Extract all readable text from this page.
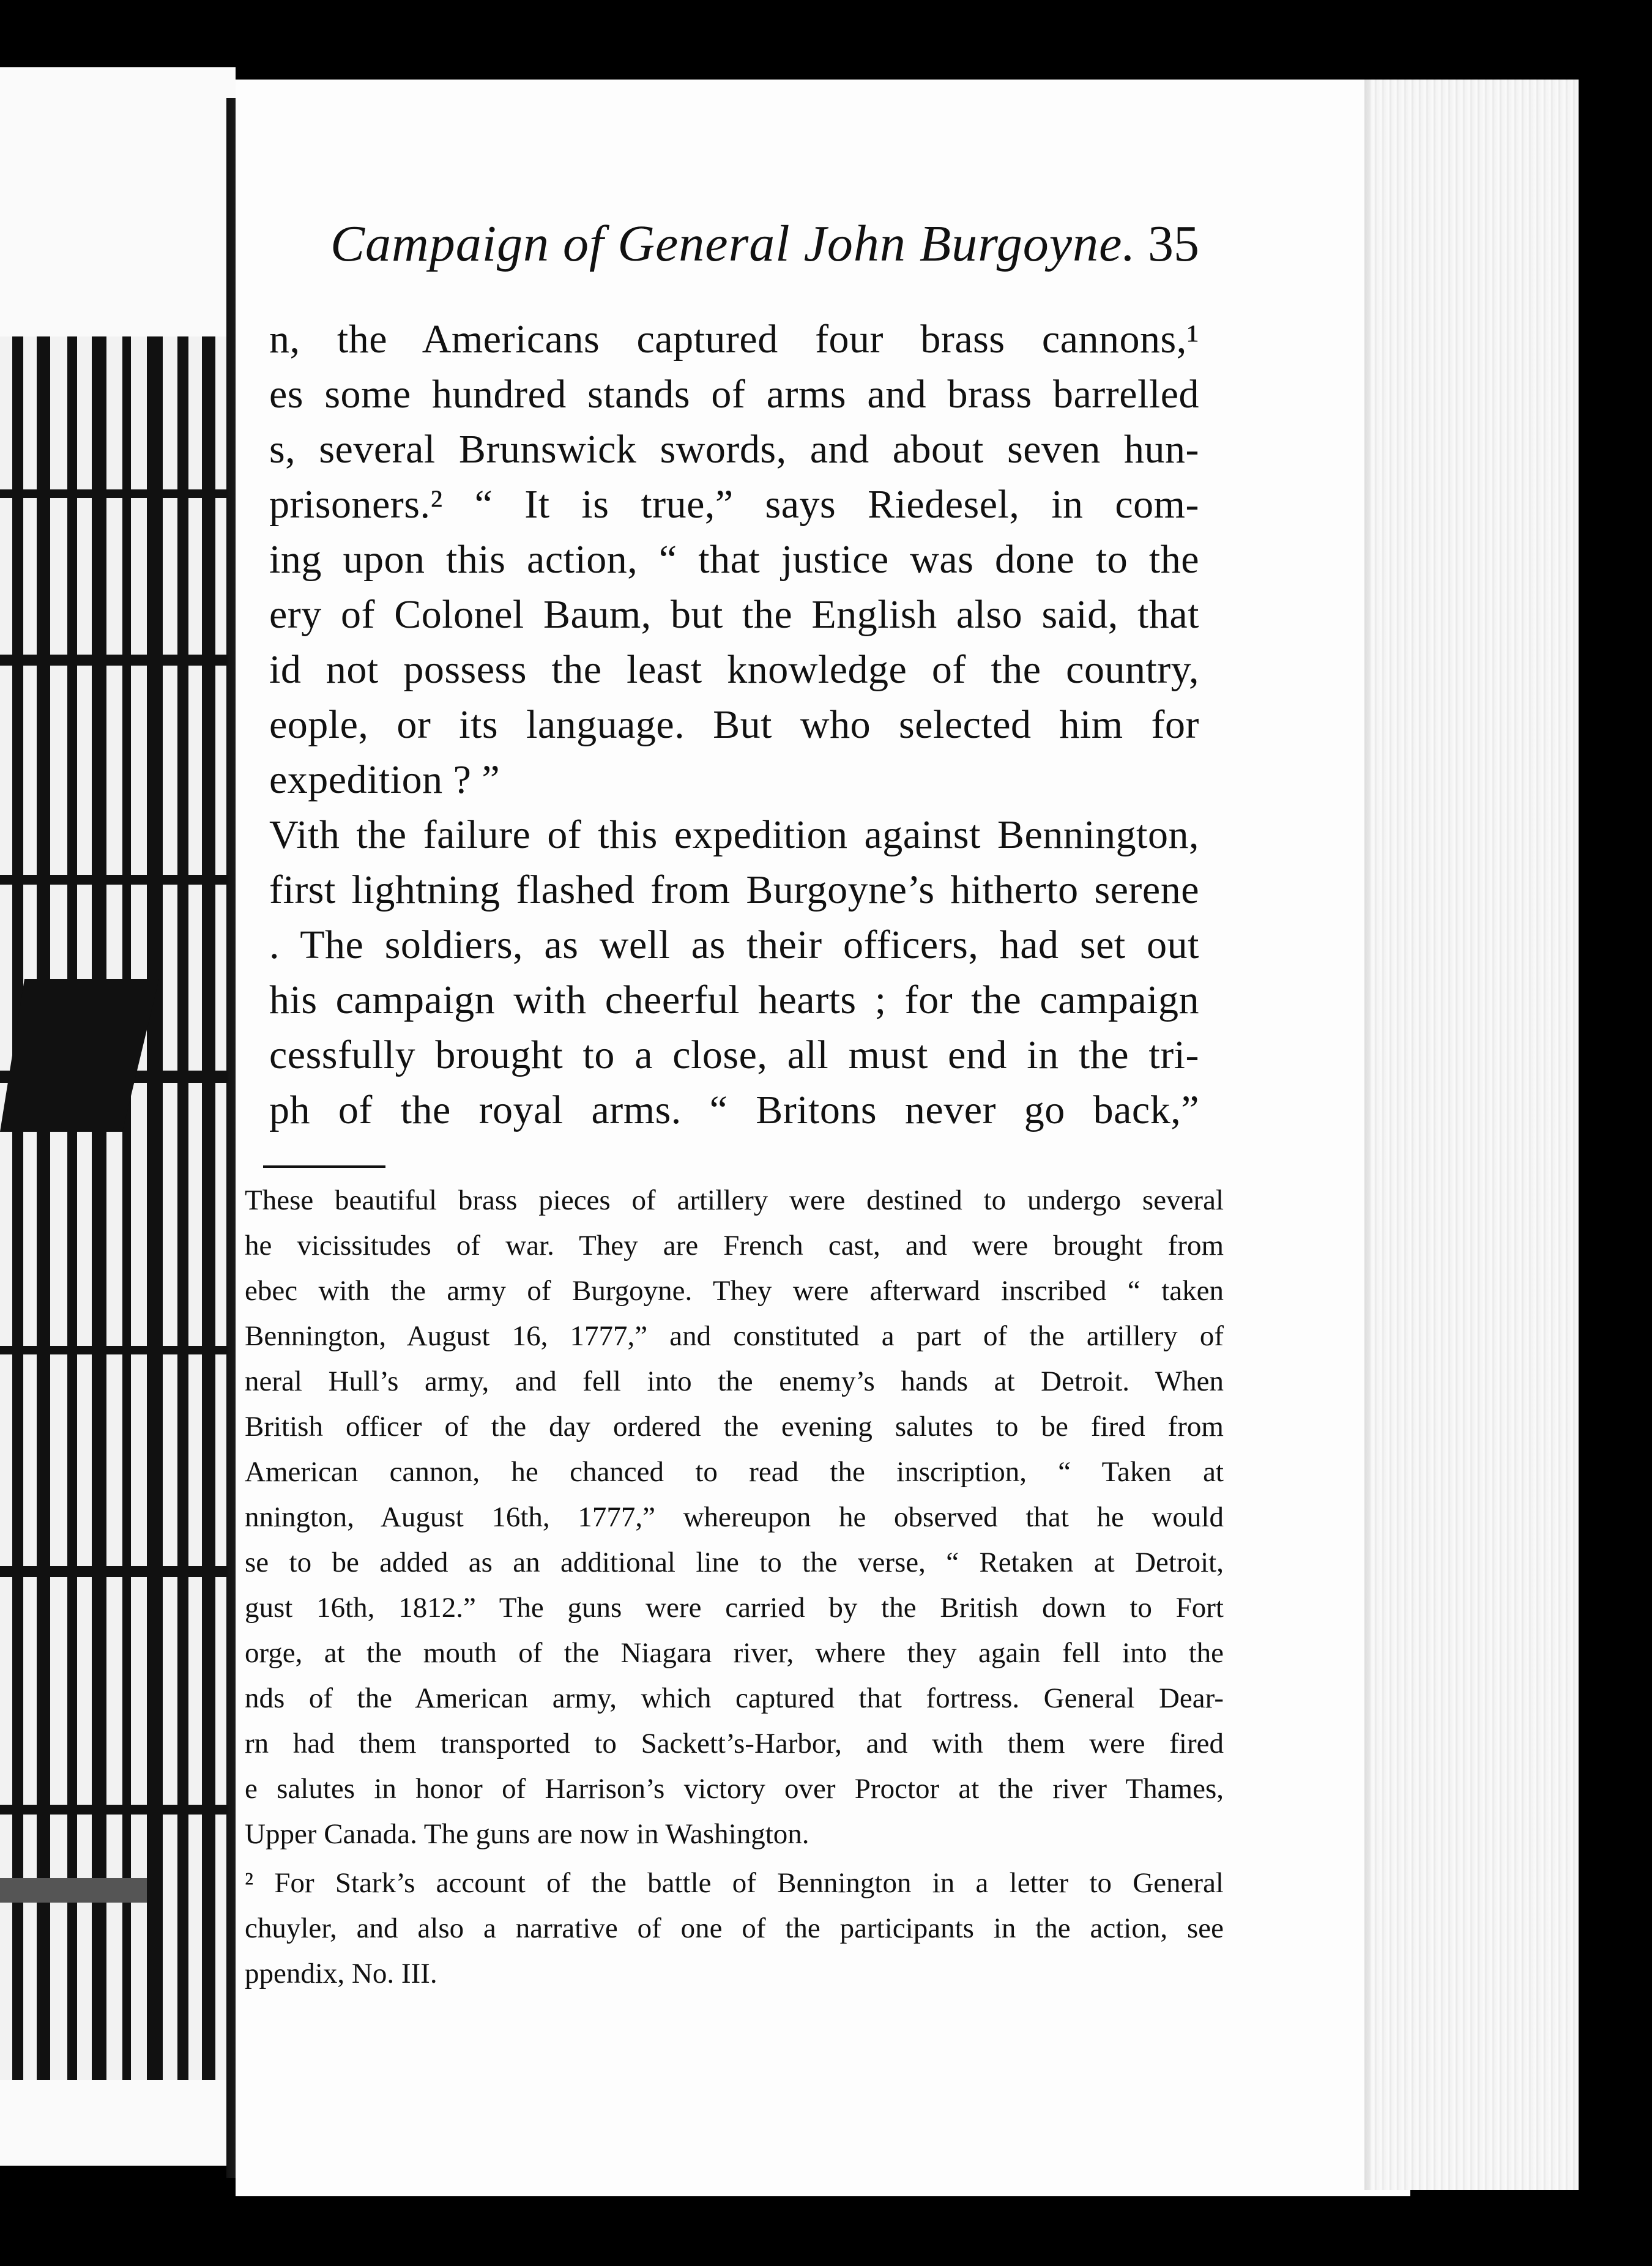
Campaign of General John Burgoyne. 35
n, the Americans captured four brass cannons,¹
es some hundred stands of arms and brass barrelled
s, several Brunswick swords, and about seven hun-
prisoners.² “ It is true,” says Riedesel, in com-
ing upon this action, “ that justice was done to the
ery of Colonel Baum, but the English also said, that
id not possess the least knowledge of the country,
eople, or its language. But who selected him for
expedition ? ”
Vith the failure of this expedition against Bennington,
first lightning flashed from Burgoyne’s hitherto serene
. The soldiers, as well as their officers, had set out
his campaign with cheerful hearts ; for the campaign
cessfully brought to a close, all must end in the tri-
ph of the royal arms. “ Britons never go back,”
These beautiful brass pieces of artillery were destined to undergo several
he vicissitudes of war. They are French cast, and were brought from
ebec with the army of Burgoyne. They were afterward inscribed “ taken
Bennington, August 16, 1777,” and constituted a part of the artillery of
neral Hull’s army, and fell into the enemy’s hands at Detroit. When
British officer of the day ordered the evening salutes to be fired from
American cannon, he chanced to read the inscription, “ Taken at
nnington, August 16th, 1777,” whereupon he observed that he would
se to be added as an additional line to the verse, “ Retaken at Detroit,
gust 16th, 1812.” The guns were carried by the British down to Fort
orge, at the mouth of the Niagara river, where they again fell into the
nds of the American army, which captured that fortress. General Dear-
rn had them transported to Sackett’s-Harbor, and with them were fired
e salutes in honor of Harrison’s victory over Proctor at the river Thames,
Upper Canada. The guns are now in Washington.
² For Stark’s account of the battle of Bennington in a letter to General
chuyler, and also a narrative of one of the participants in the action, see
ppendix, No. III.
